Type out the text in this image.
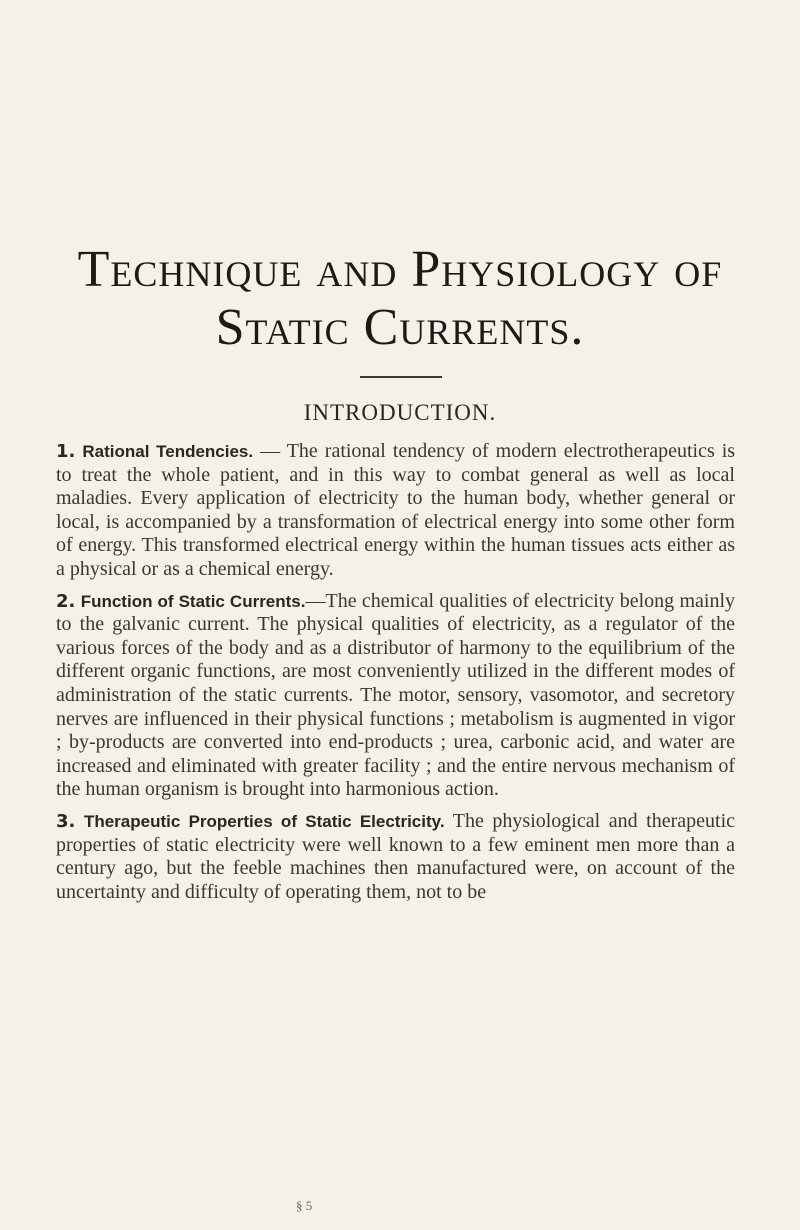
Technique and Physiology of
Static Currents.
INTRODUCTION.

1. Rational Tendencies. — The rational tendency of modern electrotherapeutics is to treat the whole patient, and in this way to combat general as well as local maladies. Every application of electricity to the human body, whether general or local, is accompanied by a transformation of electrical energy into some other form of energy. This transformed electrical energy within the human tissues acts either as a physical or as a chemical energy.

2. Function of Static Currents.—The chemical qualities of electricity belong mainly to the galvanic current. The physical qualities of electricity, as a regulator of the various forces of the body and as a distributor of harmony to the equilibrium of the different organic functions, are most conveniently utilized in the different modes of administration of the static currents. The motor, sensory, vasomotor, and secretory nerves are influenced in their physical functions ; metabolism is augmented in vigor ; by-products are converted into end-products ; urea, carbonic acid, and water are increased and eliminated with greater facility ; and the entire nervous mechanism of the human organism is brought into harmonious action.

3. Therapeutic Properties of Static Electricity. The physiological and therapeutic properties of static electricity were well known to a few eminent men more than a century ago, but the feeble machines then manufactured were, on account of the uncertainty and difficulty of operating them, not to be

§ 5
